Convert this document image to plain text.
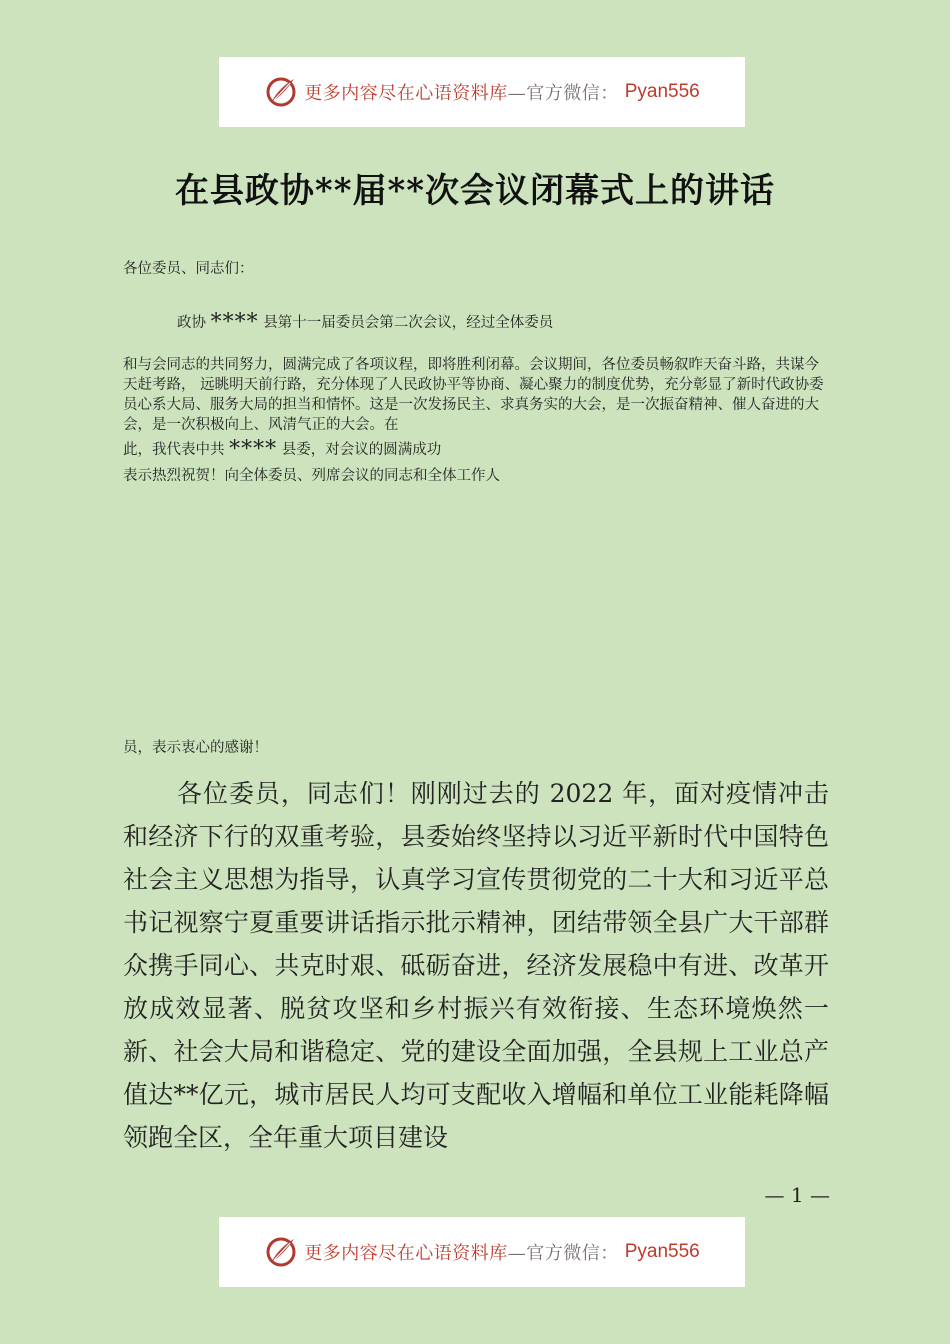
更多内容尽在心语资料库—官方微信： Pyan556
在县政协**届**次会议闭幕式上的讲话
各位委员、同志们：
政协 **** 县第十一届委员会第二次会议，经过全体委员
和与会同志的共同努力，圆满完成了各项议程，即将胜利闭幕。会议期间，各位委员畅叙昨天奋斗路，共谋今天赶考路， 远眺明天前行路，充分体现了人民政协平等协商、凝心聚力的制度优势，充分彰显了新时代政协委员心系大局、服务大局的担当和情怀。这是一次发扬民主、求真务实的大会，是一次振奋精神、催人奋进的大会，是一次积极向上、风清气正的大会。在
此，我代表中共 **** 县委，对会议的圆满成功
表示热烈祝贺！向全体委员、列席会议的同志和全体工作人
员，表示衷心的感谢！

各位委员，同志们！刚刚过去的 2022 年，面对疫情冲击和经济下行的双重考验，县委始终坚持以习近平新时代中国特色社会主义思想为指导，认真学习宣传贯彻党的二十大和习近平总书记视察宁夏重要讲话指示批示精神，团结带领全县广大干部群众携手同心、共克时艰、砥砺奋进，经济发展稳中有进、改革开放成效显著、脱贫攻坚和乡村振兴有效衔接、生态环境焕然一新、社会大局和谐稳定、党的建设全面加强，全县规上工业总产值达**亿元，城市居民人均可支配收入增幅和单位工业能耗降幅领跑全区，全年重大项目建设

— 1 —
更多内容尽在心语资料库—官方微信： Pyan556
